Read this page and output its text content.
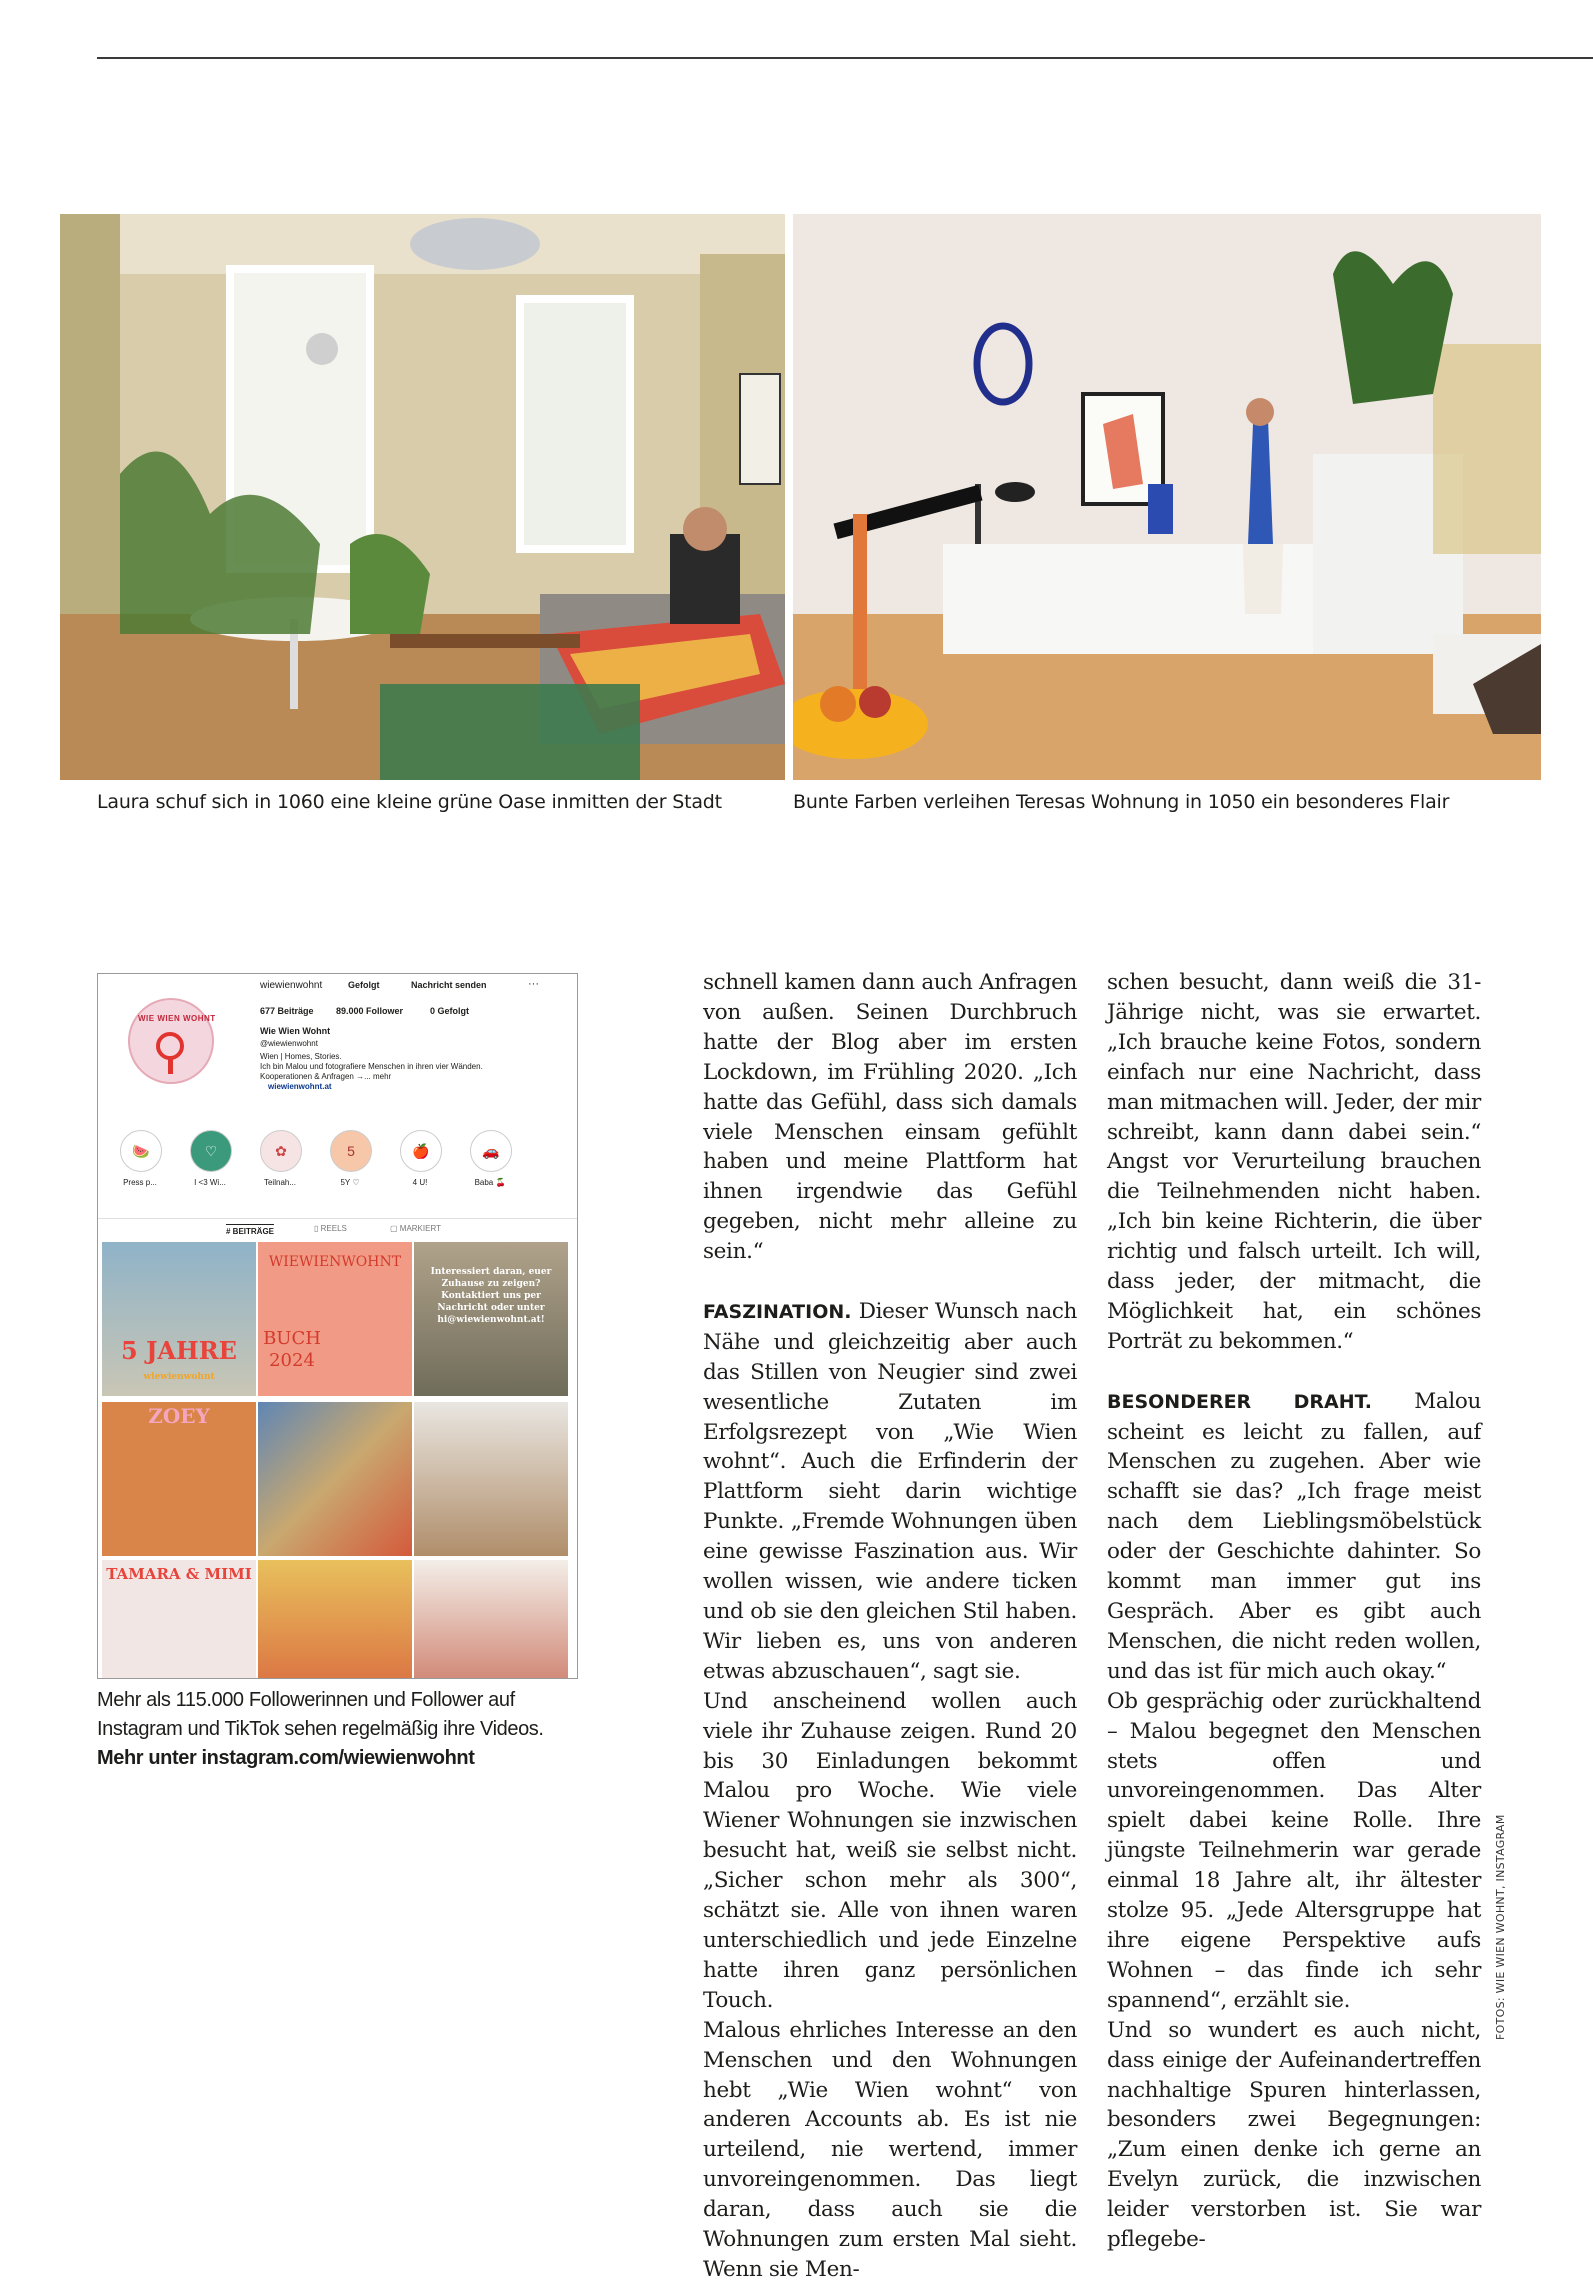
Laura schuf sich in 1060 eine kleine grüne Oase inmitten der Stadt	Bunte Farben verleihen Teresas Wohnung in 1050 ein besonderes Flair
WIE WIEN WOHNT
wiewienwohnt	Gefolgt	Nachricht senden	···
677 Beiträge 89.000 Follower	0 Gefolgt
Wie Wien Wohnt
@wiewienwohnt
Wien | Homes, Stories.
Ich bin Malou und fotografiere Menschen in ihren vier Wänden.
Kooperationen & Anfragen →... mehr
wiewienwohnt.at
🍉
Press p...
♡
I <3 Wi...
✿
Teilnah...
5
5Y ♡
🍎
4 U!
🚗
Baba 🍒
# BEITRÄGE	▯ REELS	▢ MARKIERT
5 JAHRE
wiewienwohnt
WIEWIENWOHNT
BUCH 2024
Interessiert daran, euer Zuhause zu zeigen? Kontaktiert uns per Nachricht oder unter hi@wiewienwohnt.at!
ZOEY
TAMARA & MIMI
Mehr als 115.000 Followerinnen und Follower auf
Instagram und TikTok sehen regelmäßig ihre Videos.
Mehr unter instagram.com/wiewienwohnt

schnell kamen dann auch Anfragen von außen. Seinen Durchbruch hatte der Blog aber im ersten Lockdown, im Frühling 2020. „Ich hatte das Gefühl, dass sich damals viele Menschen einsam gefühlt haben und meine Plattform hat ihnen irgendwie das Gefühl gegeben, nicht mehr alleine zu sein.“

FASZINATION. Dieser Wunsch nach Nähe und gleichzeitig aber auch das Stillen von Neugier sind zwei wesentliche Zutaten im Erfolgsrezept von „Wie Wien wohnt“. Auch die Erfinderin der Plattform sieht darin wichtige Punkte. „Fremde Wohnungen üben eine gewisse Faszination aus. Wir wollen wissen, wie andere ticken und ob sie den gleichen Stil haben. Wir lieben es, uns von anderen etwas abzuschauen“, sagt sie.

Und anscheinend wollen auch viele ihr Zuhause zeigen. Rund 20 bis 30 Einladungen bekommt Malou pro Woche. Wie viele Wiener Wohnungen sie inzwischen besucht hat, weiß sie selbst nicht. „Sicher schon mehr als 300“, schätzt sie. Alle von ihnen waren unterschiedlich und jede Einzelne hatte ihren ganz persönlichen Touch.

Malous ehrliches Interesse an den Menschen und den Wohnungen hebt „Wie Wien wohnt“ von anderen Accounts ab. Es ist nie urteilend, nie wertend, immer unvoreingenommen. Das liegt daran, dass auch sie die Wohnungen zum ersten Mal sieht. Wenn sie Men-

schen besucht, dann weiß die 31-Jährige nicht, was sie erwartet. „Ich brauche keine Fotos, sondern einfach nur eine Nachricht, dass man mitmachen will. Jeder, der mir schreibt, kann dann dabei sein.“ Angst vor Verurteilung brauchen die Teilnehmenden nicht haben. „Ich bin keine Richterin, die über richtig und falsch urteilt. Ich will, dass jeder, der mitmacht, die Möglichkeit hat, ein schönes Porträt zu bekommen.“

BESONDERER DRAHT. Malou scheint es leicht zu fallen, auf Menschen zu zugehen. Aber wie schafft sie das? „Ich frage meist nach dem Lieblingsmöbelstück oder der Geschichte dahinter. So kommt man immer gut ins Gespräch. Aber es gibt auch Menschen, die nicht reden wollen, und das ist für mich auch okay.“

Ob gesprächig oder zurückhaltend – Malou begegnet den Menschen stets offen und unvoreingenommen. Das Alter spielt dabei keine Rolle. Ihre jüngste Teilnehmerin war gerade einmal 18 Jahre alt, ihr ältester stolze 95. „Jede Altersgruppe hat ihre eigene Perspektive aufs Wohnen – das finde ich sehr spannend“, erzählt sie.

Und so wundert es auch nicht, dass einige der Aufeinandertreffen nachhaltige Spuren hinterlassen, besonders zwei Begegnungen: „Zum einen denke ich gerne an Evelyn zurück, die inzwischen leider verstorben ist. Sie war pflegebe-

FOTOS: WIE WIEN WOHNT, INSTAGRAM
